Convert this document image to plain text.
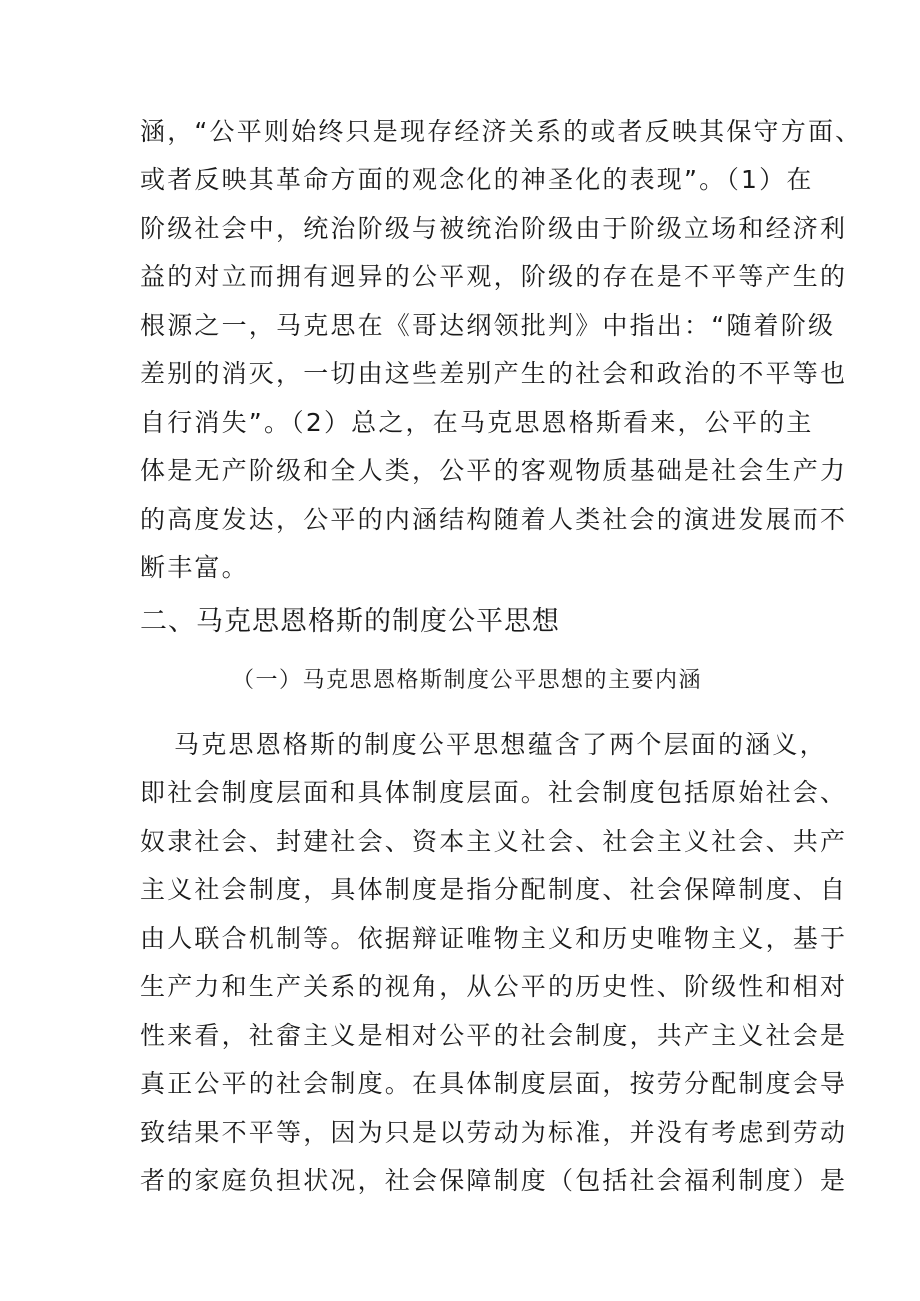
涵，“公平则始终只是现存经济关系的或者反映其保守方面、
或者反映其革命方面的观念化的神圣化的表现”。（1）在
阶级社会中，统治阶级与被统治阶级由于阶级立场和经济利
益的对立而拥有迥异的公平观，阶级的存在是不平等产生的
根源之一，马克思在《哥达纲领批判》中指出：“随着阶级
差别的消灭，一切由这些差别产生的社会和政治的不平等也
自行消失”。（2）总之，在马克思恩格斯看来，公平的主
体是无产阶级和全人类，公平的客观物质基础是社会生产力
的高度发达，公平的内涵结构随着人类社会的演进发展而不
断丰富。
二、马克思恩格斯的制度公平思想
（一）马克思恩格斯制度公平思想的主要内涵
马克思恩格斯的制度公平思想蕴含了两个层面的涵义，
即社会制度层面和具体制度层面。社会制度包括原始社会、
奴隶社会、封建社会、资本主义社会、社会主义社会、共产
主义社会制度，具体制度是指分配制度、社会保障制度、自
由人联合机制等。依据辩证唯物主义和历史唯物主义，基于
生产力和生产关系的视角，从公平的历史性、阶级性和相对
性来看，社畲主义是相对公平的社会制度，共产主义社会是
真正公平的社会制度。在具体制度层面，按劳分配制度会导
致结果不平等，因为只是以劳动为标准，并没有考虑到劳动
者的家庭负担状况，社会保障制度（包括社会福利制度）是
